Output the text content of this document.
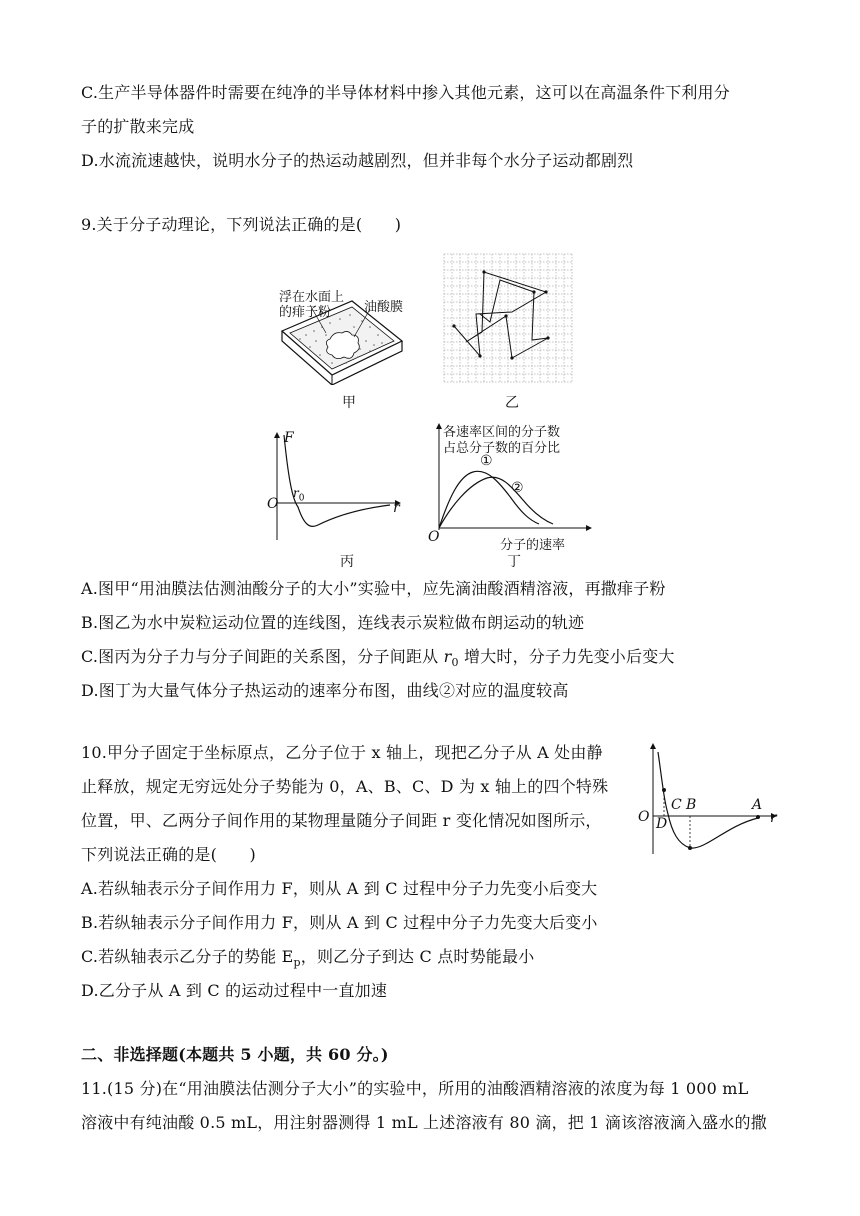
C.生产半导体器件时需要在纯净的半导体材料中掺入其他元素，这可以在高温条件下利用分
子的扩散来完成
D.水流流速越快，说明水分子的热运动越剧烈，但并非每个水分子运动都剧烈
9.关于分子动理论，下列说法正确的是(　　)
浮在水面上
的痱子粉	油酸膜
甲	乙
F
O
$r_0$
r
丙
各速率区间的分子数
占总分子数的百分比
①
②
O
分子的速率
丁
A.图甲“用油膜法估测油酸分子的大小”实验中，应先滴油酸酒精溶液，再撒痱子粉
B.图乙为水中炭粒运动位置的连线图，连线表示炭粒做布朗运动的轨迹
C.图丙为分子力与分子间距的关系图，分子间距从 $r_0$ 增大时，分子力先变小后变大
D.图丁为大量气体分子热运动的速率分布图，曲线②对应的温度较高
10.甲分子固定于坐标原点，乙分子位于 x 轴上，现把乙分子从 A 处由静
止释放，规定无穷远处分子势能为 0，A、B、C、D 为 x 轴上的四个特殊
位置，甲、乙两分子间作用的某物理量随分子间距 r 变化情况如图所示，
下列说法正确的是(　　)
O
C B	A
D	r
A.若纵轴表示分子间作用力 F，则从 A 到 C 过程中分子力先变小后变大
B.若纵轴表示分子间作用力 F，则从 A 到 C 过程中分子力先变大后变小
C.若纵轴表示乙分子的势能 $E_p$，则乙分子到达 C 点时势能最小
D.乙分子从 A 到 C 的运动过程中一直加速
二、非选择题(本题共 5 小题，共 60 分。)
11.(15 分)在“用油膜法估测分子大小”的实验中，所用的油酸酒精溶液的浓度为每 1 000 mL
溶液中有纯油酸 0.5 mL，用注射器测得 1 mL 上述溶液有 80 滴，把 1 滴该溶液滴入盛水的撒
